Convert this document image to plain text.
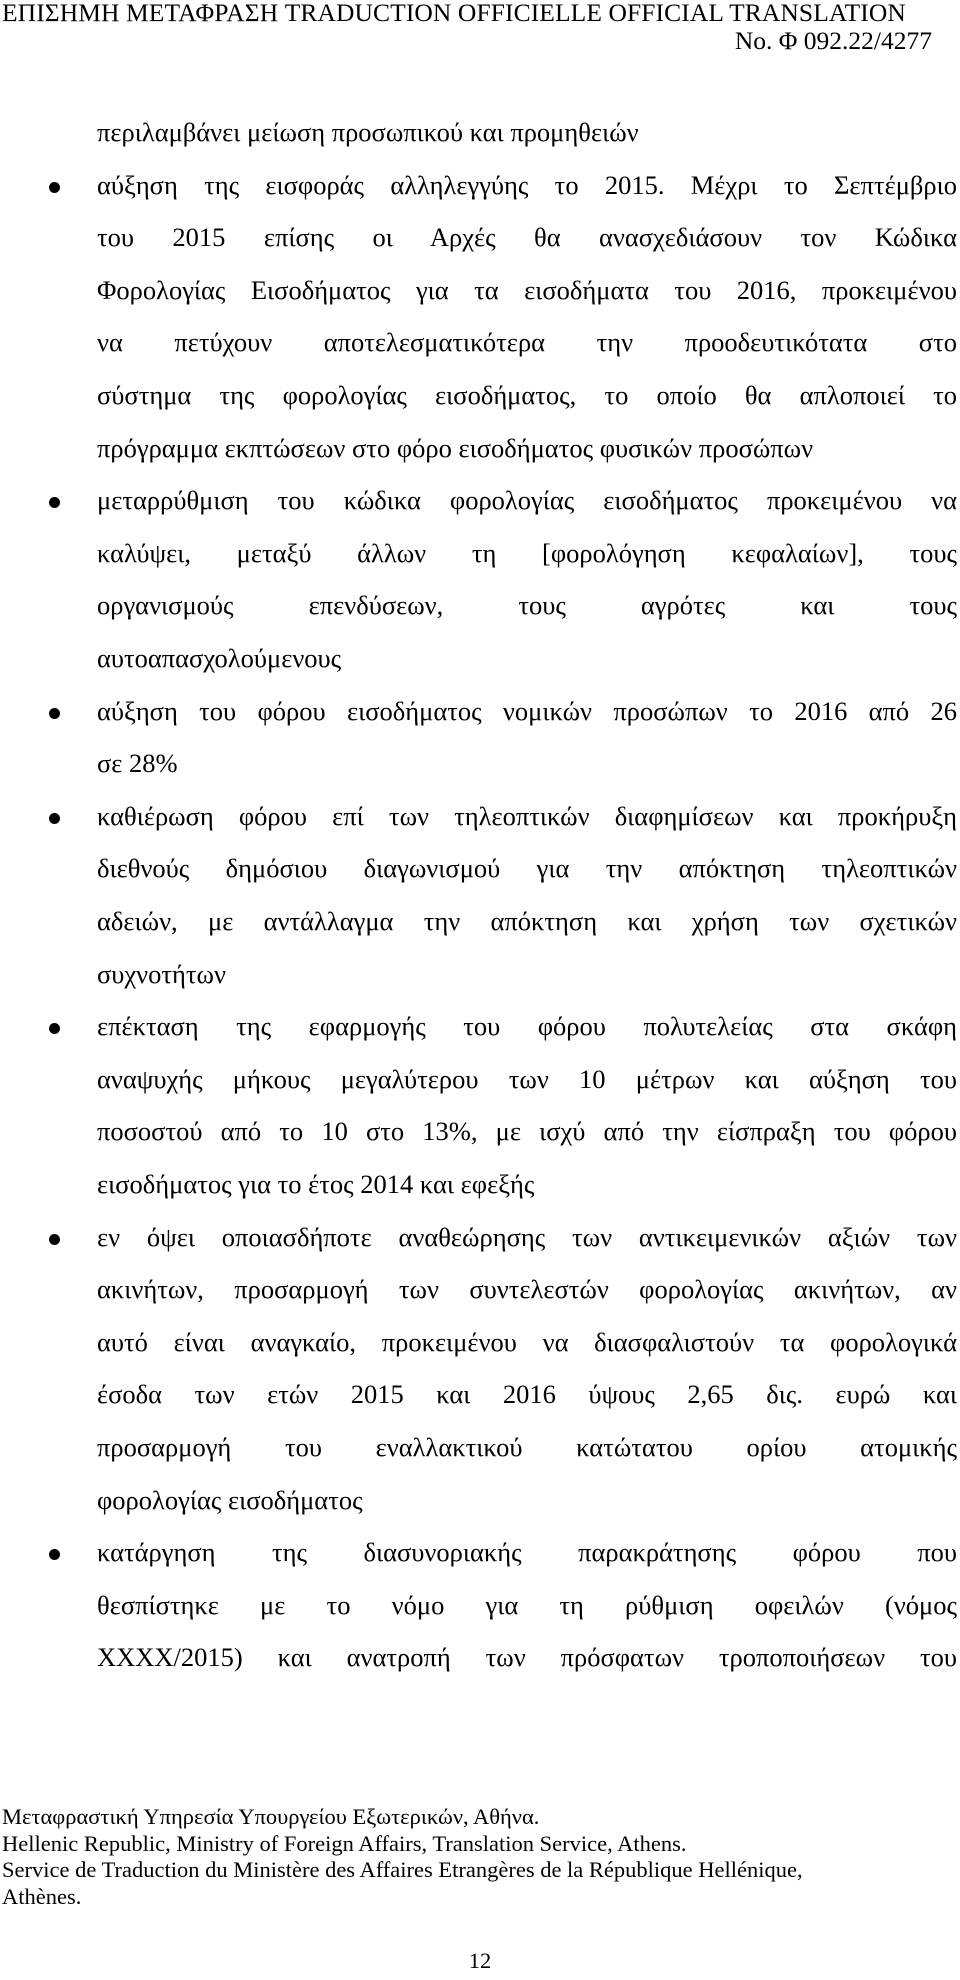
ΕΠΙΣΗΜΗ ΜΕΤΑΦΡΑΣΗ TRADUCTION OFFICIELLE OFFICIAL TRANSLATION
No. Φ 092.22/4277
περιλαμβάνει μείωση προσωπικού και προμηθειών
αύξηση της εισφοράς αλληλεγγύης το 2015. Μέχρι το Σεπτέμβριο
του 2015 επίσης οι Αρχές θα ανασχεδιάσουν τον Κώδικα
Φορολογίας Εισοδήματος για τα εισοδήματα του 2016, προκειμένου
να πετύχουν αποτελεσματικότερα την προοδευτικότατα στο
σύστημα της φορολογίας εισοδήματος, το οποίο θα απλοποιεί το
πρόγραμμα εκπτώσεων στο φόρο εισοδήματος φυσικών προσώπων
μεταρρύθμιση του κώδικα φορολογίας εισοδήματος προκειμένου να
καλύψει, μεταξύ άλλων τη [φορολόγηση κεφαλαίων], τους
οργανισμούς επενδύσεων, τους αγρότες και τους
αυτοαπασχολούμενους
αύξηση του φόρου εισοδήματος νομικών προσώπων το 2016 από 26
σε 28%
καθιέρωση φόρου επί των τηλεοπτικών διαφημίσεων και προκήρυξη
διεθνούς δημόσιου διαγωνισμού για την απόκτηση τηλεοπτικών
αδειών, με αντάλλαγμα την απόκτηση και χρήση των σχετικών
συχνοτήτων
επέκταση της εφαρμογής του φόρου πολυτελείας στα σκάφη
αναψυχής μήκους μεγαλύτερου των 10 μέτρων και αύξηση του
ποσοστού από το 10 στο 13%, με ισχύ από την είσπραξη του φόρου
εισοδήματος για το έτος 2014 και εφεξής
εν όψει οποιασδήποτε αναθεώρησης των αντικειμενικών αξιών των
ακινήτων, προσαρμογή των συντελεστών φορολογίας ακινήτων, αν
αυτό είναι αναγκαίο, προκειμένου να διασφαλιστούν τα φορολογικά
έσοδα των ετών 2015 και 2016 ύψους 2,65 δις. ευρώ και
προσαρμογή του εναλλακτικού κατώτατου ορίου ατομικής
φορολογίας εισοδήματος
κατάργηση της διασυνοριακής παρακράτησης φόρου που
θεσπίστηκε με το νόμο για τη ρύθμιση οφειλών (νόμος
XXXX/2015) και ανατροπή των πρόσφατων τροποποιήσεων του
Μεταφραστική Υπηρεσία Υπουργείου Εξωτερικών, Αθήνα.
Hellenic Republic, Ministry of Foreign Affairs, Translation Service, Athens.
Service de Traduction du Ministère des Affaires Etrangères de la République Hellénique,
Athènes.
12
